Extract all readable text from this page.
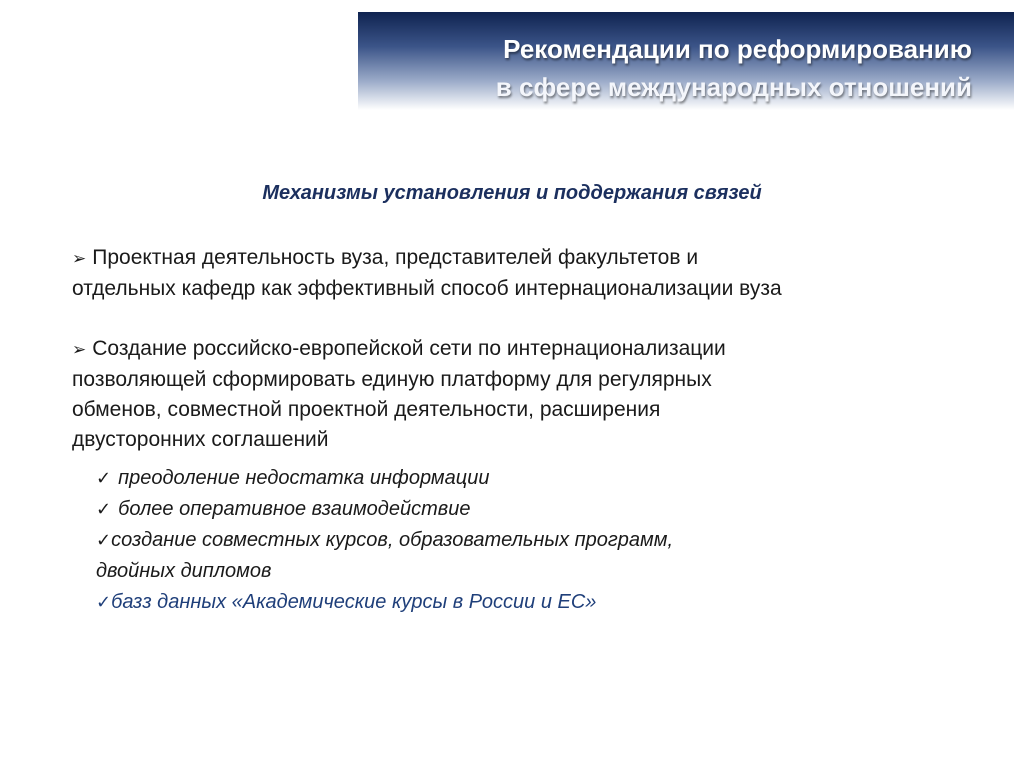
Рекомендации по реформированию
в сфере международных отношений
Механизмы установления и поддержания связей
➢ Проектная деятельность вуза, представителей факультетов и
отдельных кафедр как эффективный способ интернационализации вуза
➢ Создание российско-европейской сети по интернационализации
позволяющей сформировать единую платформу для регулярных
обменов, совместной проектной деятельности, расширения
двусторонних соглашений
✓ преодоление недостатка информации
✓ более оперативное взаимодействие
✓создание совместных курсов, образовательных программ,
двойных дипломов
✓базз данных «Академические курсы в России и ЕС»
